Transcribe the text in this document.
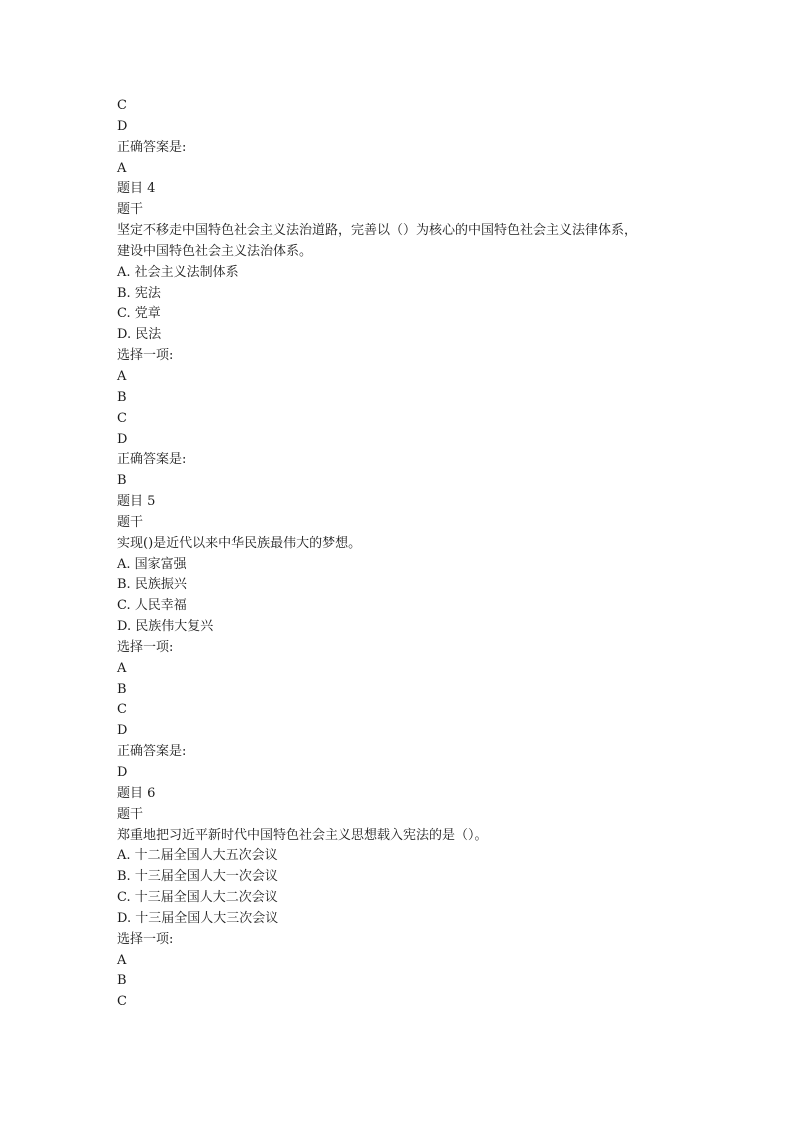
C

D

正确答案是:

A

题目 4

题干

坚定不移走中国特色社会主义法治道路，完善以（）为核心的中国特色社会主义法律体系，

建设中国特色社会主义法治体系。

A. 社会主义法制体系

B. 宪法

C. 党章

D. 民法

选择一项:

A

B

C

D

正确答案是:

B

题目 5

题干

实现()是近代以来中华民族最伟大的梦想。

A. 国家富强

B. 民族振兴

C. 人民幸福

D. 民族伟大复兴

选择一项:

A

B

C

D

正确答案是:

D

题目 6

题干

郑重地把习近平新时代中国特色社会主义思想载入宪法的是（）。

A. 十二届全国人大五次会议

B. 十三届全国人大一次会议

C. 十三届全国人大二次会议

D. 十三届全国人大三次会议

选择一项:

A

B

C
